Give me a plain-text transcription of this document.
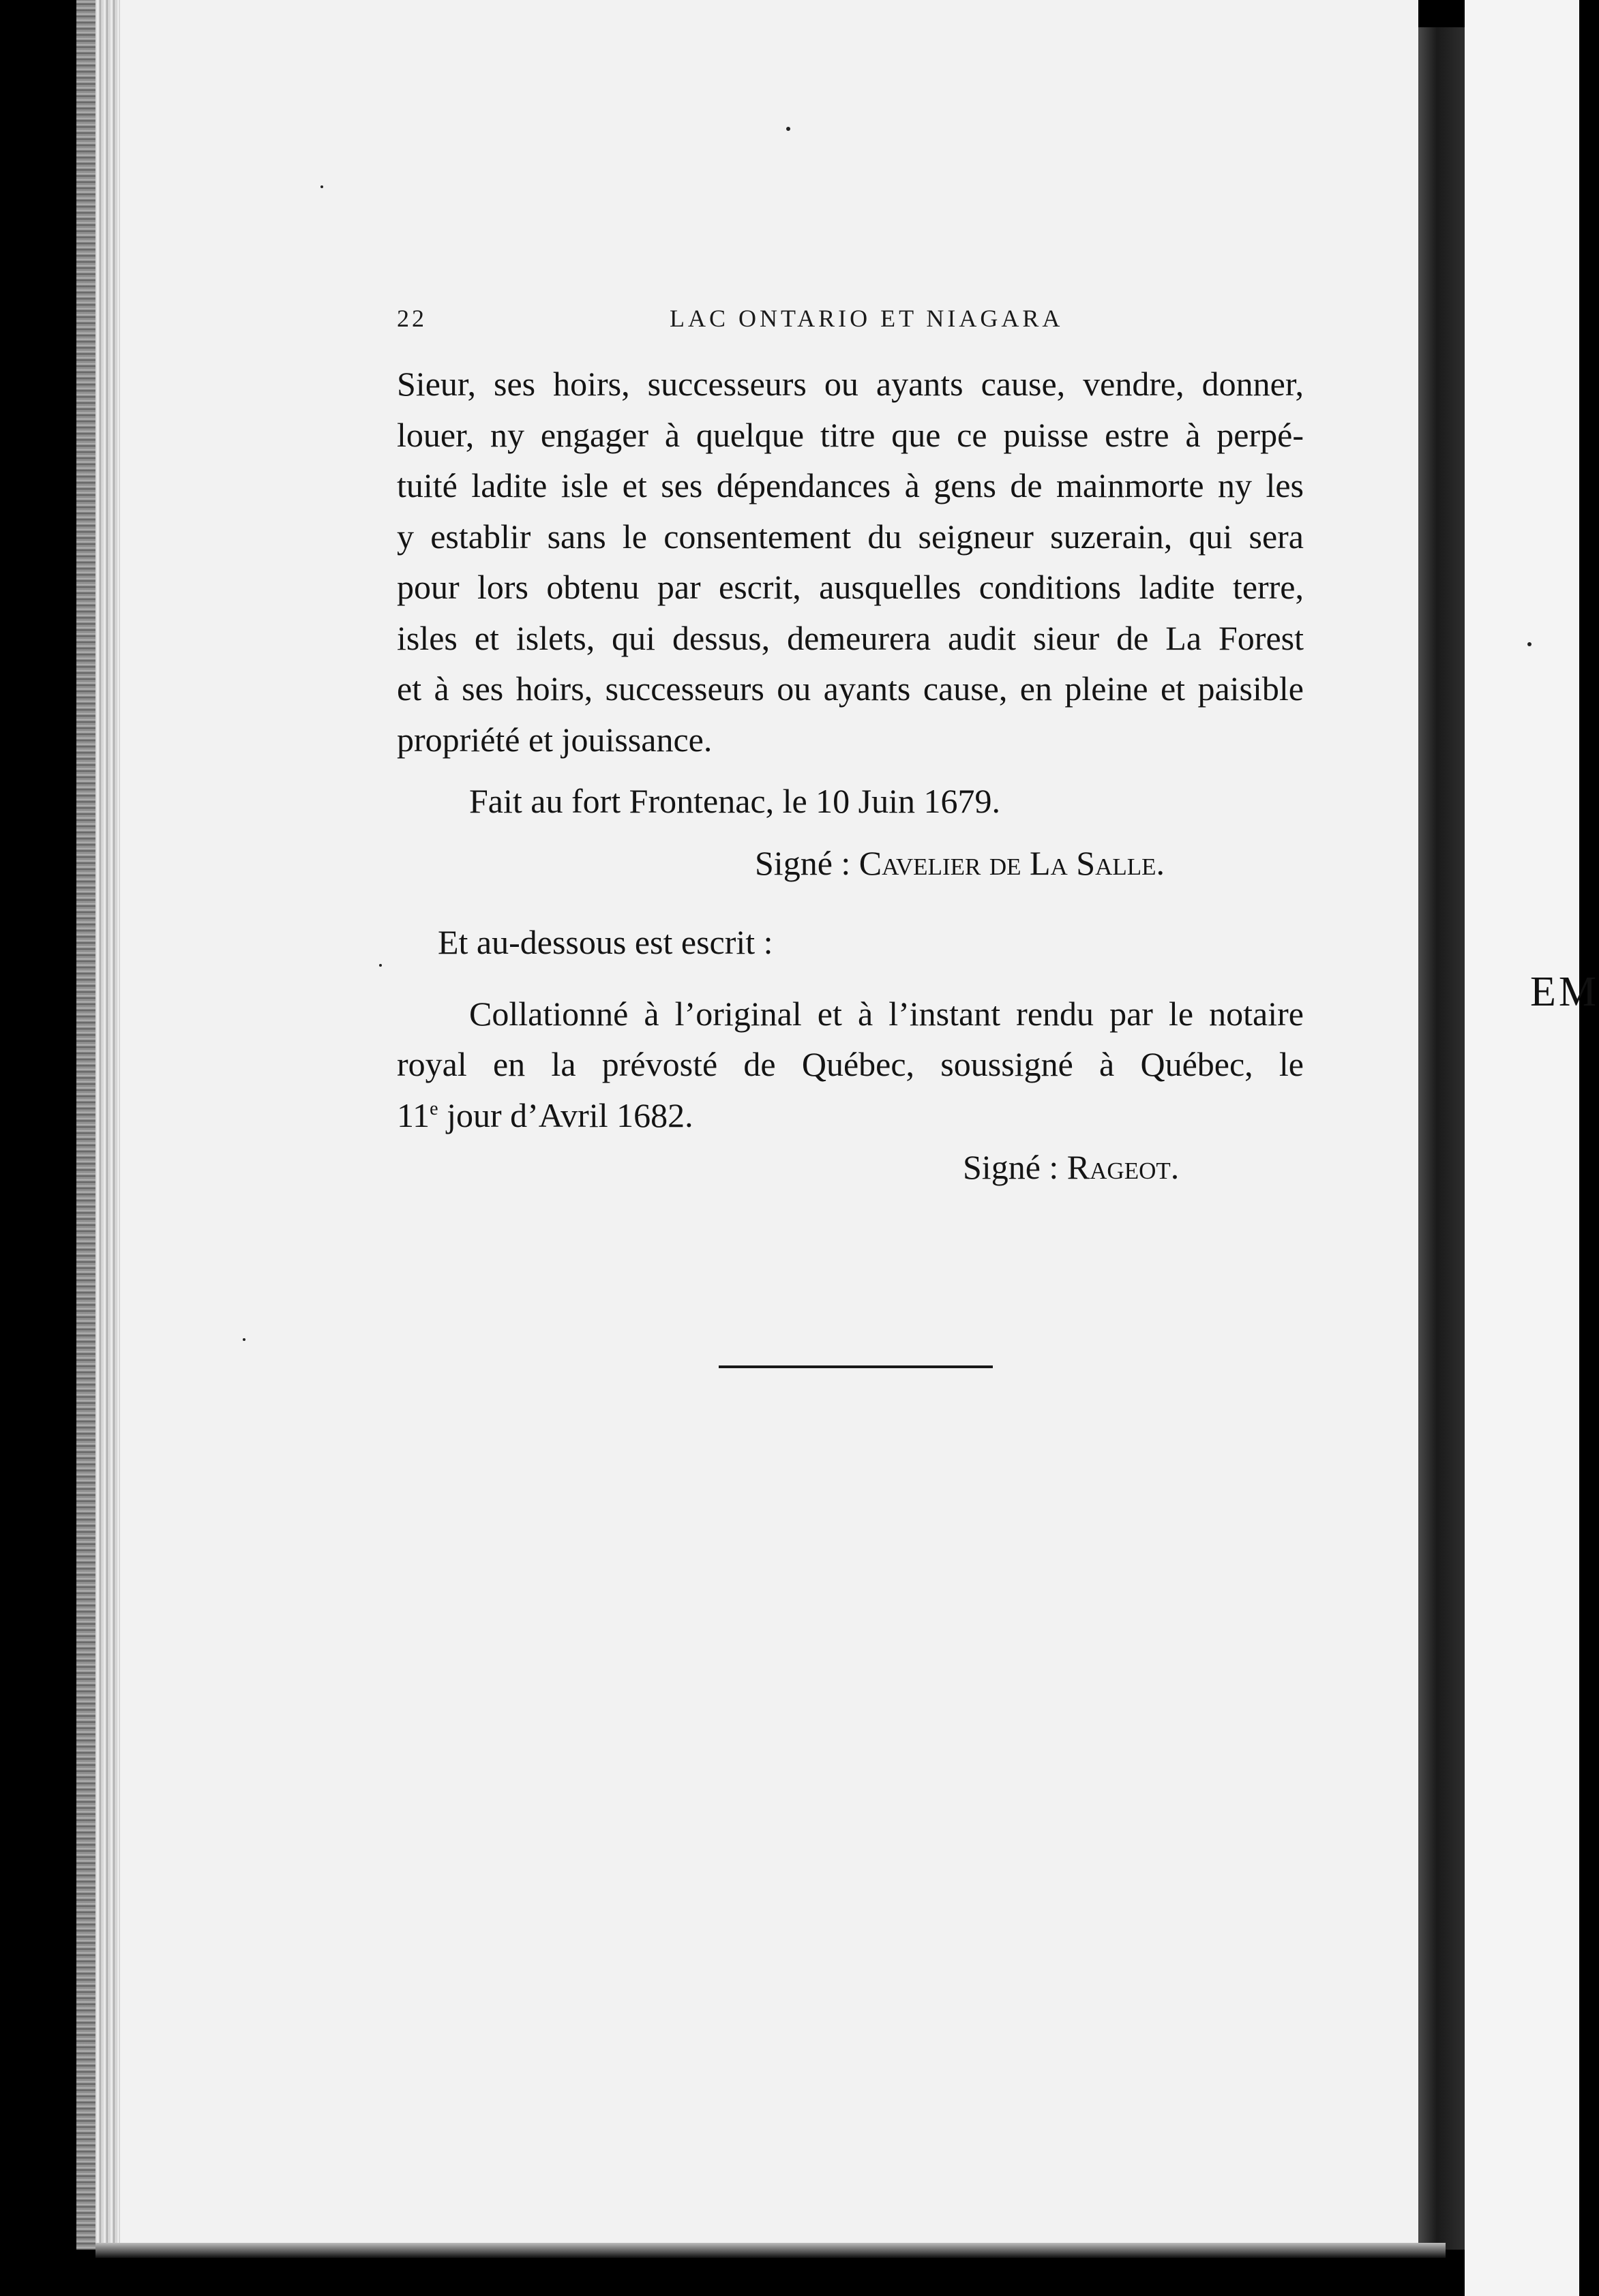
EM
22	LAC ONTARIO ET NIAGARA

Sieur, ses hoirs, successeurs ou ayants cause, vendre, donner,
louer, ny engager à quelque titre que ce puisse estre à perpé-
tuité ladite isle et ses dépendances à gens de mainmorte ny les
y establir sans le consentement du seigneur suzerain, qui sera
pour lors obtenu par escrit, ausquelles conditions ladite terre,
isles et islets, qui dessus, demeurera audit sieur de La Forest
et à ses hoirs, successeurs ou ayants cause, en pleine et paisible
propriété et jouissance.

Fait au fort Frontenac, le 10 Juin 1679.
Signé : Cavelier de La Salle.
Et au-dessous est escrit :

Collationné à l’original et à l’instant rendu par le notaire
royal en la prévosté de Québec, soussigné à Québec, le
11e jour d’Avril 1682.

Signé : Rageot.
